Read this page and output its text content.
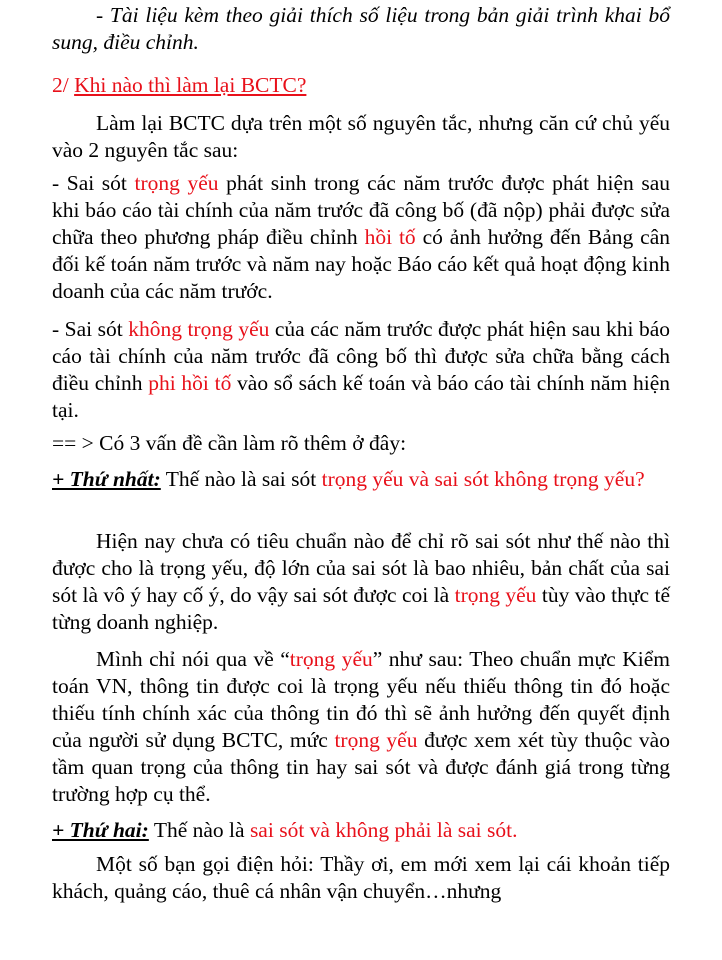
- Tài liệu kèm theo giải thích số liệu trong bản giải trình khai bổ sung, điều chỉnh.

2/ Khi nào thì làm lại BCTC?

Làm lại BCTC dựa trên một số nguyên tắc, nhưng căn cứ chủ yếu vào 2 nguyên tắc sau:

- Sai sót trọng yếu phát sinh trong các năm trước được phát hiện sau khi báo cáo tài chính của năm trước đã công bố (đã nộp) phải được sửa chữa theo phương pháp điều chỉnh hồi tố có ảnh hưởng đến Bảng cân đối kế toán năm trước và năm nay hoặc Báo cáo kết quả hoạt động kinh doanh của các năm trước.

- Sai sót không trọng yếu của các năm trước được phát hiện sau khi báo cáo tài chính của năm trước đã công bố thì được sửa chữa bằng cách điều chỉnh phi hồi tố vào sổ sách kế toán và báo cáo tài chính năm hiện tại.

== > Có 3 vấn đề cần làm rõ thêm ở đây:

+ Thứ nhất: Thế nào là sai sót trọng yếu và sai sót không trọng yếu?

Hiện nay chưa có tiêu chuẩn nào để chỉ rõ sai sót như thế nào thì được cho là trọng yếu, độ lớn của sai sót là bao nhiêu, bản chất của sai sót là vô ý hay cố ý, do vậy sai sót được coi là trọng yếu tùy vào thực tế từng doanh nghiệp.

Mình chỉ nói qua về “trọng yếu” như sau: Theo chuẩn mực Kiểm toán VN, thông tin được coi là trọng yếu nếu thiếu thông tin đó hoặc thiếu tính chính xác của thông tin đó thì sẽ ảnh hưởng đến quyết định của người sử dụng BCTC, mức trọng yếu được xem xét tùy thuộc vào tầm quan trọng của thông tin hay sai sót và được đánh giá trong từng trường hợp cụ thể.

+ Thứ hai: Thế nào là sai sót và không phải là sai sót.

Một số bạn gọi điện hỏi: Thầy ơi, em mới xem lại cái khoản tiếp khách, quảng cáo, thuê cá nhân vận chuyển…nhưng
